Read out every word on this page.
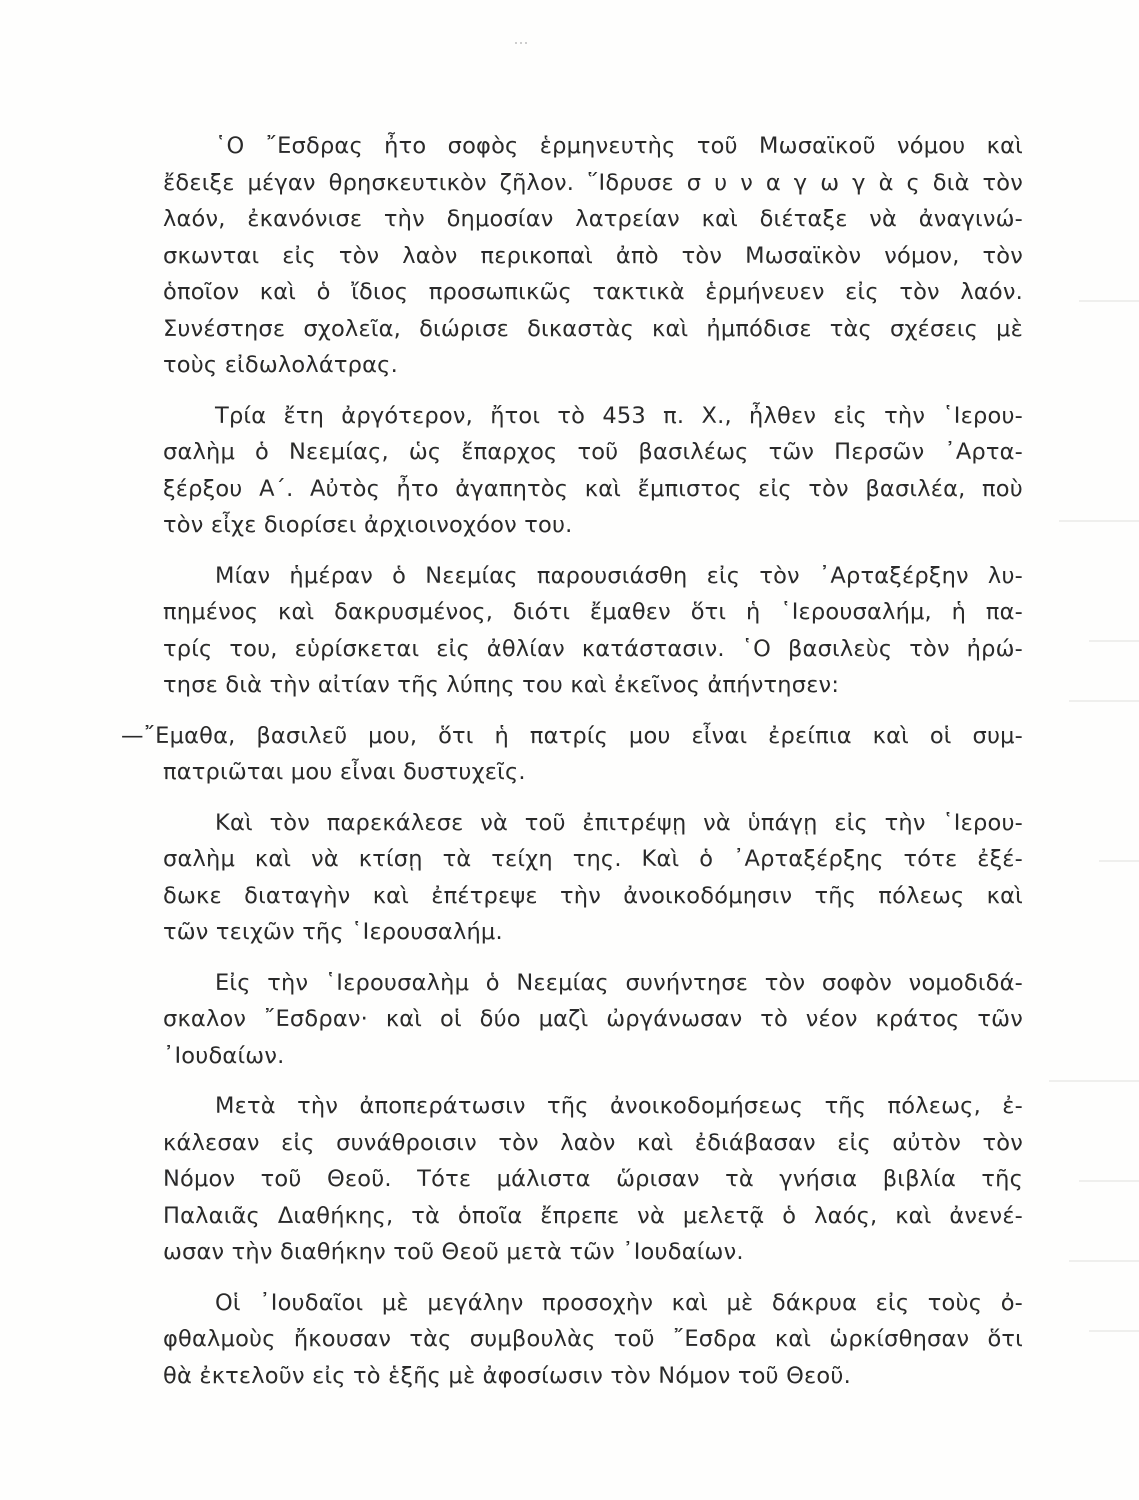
῾Ο ῎Εσδρας ἦτο σοφὸς ἑρμηνευτὴς τοῦ Μωσαϊκοῦ νόμου καὶ
ἔδειξε μέγαν θρησκευτικὸν ζῆλον. ῞Ιδρυσε σ υ ν α γ ω γ ὰ ς διὰ τὸν
λαόν, ἐκανόνισε τὴν δημοσίαν λατρείαν καὶ διέταξε νὰ ἀναγινώ-
σκωνται εἰς τὸν λαὸν περικοπαὶ ἀπὸ τὸν Μωσαϊκὸν νόμον, τὸν
ὁποῖον καὶ ὁ ἴδιος προσωπικῶς τακτικὰ ἑρμήνευεν εἰς τὸν λαόν.
Συνέστησε σχολεῖα, διώρισε δικαστὰς καὶ ἠμπόδισε τὰς σχέσεις μὲ
τοὺς εἰδωλολάτρας.
Τρία ἔτη ἀργότερον, ἤτοι τὸ 453 π. Χ., ἦλθεν εἰς τὴν ῾Ιερου-
σαλὴμ ὁ Νεεμίας, ὡς ἔπαρχος τοῦ βασιλέως τῶν Περσῶν ᾿Αρτα-
ξέρξου Α΄. Αὐτὸς ἦτο ἀγαπητὸς καὶ ἔμπιστος εἰς τὸν βασιλέα, ποὺ
τὸν εἶχε διορίσει ἀρχιοινοχόον του.
Μίαν ἡμέραν ὁ Νεεμίας παρουσιάσθη εἰς τὸν ᾿Αρταξέρξην λυ-
πημένος καὶ δακρυσμένος, διότι ἔμαθεν ὅτι ἡ ῾Ιερουσαλήμ, ἡ πα-
τρίς του, εὑρίσκεται εἰς ἀθλίαν κατάστασιν. ῾Ο βασιλεὺς τὸν ἠρώ-
τησε διὰ τὴν αἰτίαν τῆς λύπης του καὶ ἐκεῖνος ἀπήντησεν:
—῎Εμαθα, βασιλεῦ μου, ὅτι ἡ πατρίς μου εἶναι ἐρείπια καὶ οἱ συμ-
πατριῶται μου εἶναι δυστυχεῖς.
Καὶ τὸν παρεκάλεσε νὰ τοῦ ἐπιτρέψῃ νὰ ὑπάγῃ εἰς τὴν ῾Ιερου-
σαλὴμ καὶ νὰ κτίσῃ τὰ τείχη της. Καὶ ὁ ᾿Αρταξέρξης τότε ἐξέ-
δωκε διαταγὴν καὶ ἐπέτρεψε τὴν ἀνοικοδόμησιν τῆς πόλεως καὶ
τῶν τειχῶν τῆς ῾Ιερουσαλήμ.
Εἰς τὴν ῾Ιερουσαλὴμ ὁ Νεεμίας συνήντησε τὸν σοφὸν νομοδιδά-
σκαλον ῎Εσδραν· καὶ οἱ δύο μαζὶ ὠργάνωσαν τὸ νέον κράτος τῶν
᾿Ιουδαίων.
Μετὰ τὴν ἀποπεράτωσιν τῆς ἀνοικοδομήσεως τῆς πόλεως, ἐ-
κάλεσαν εἰς συνάθροισιν τὸν λαὸν καὶ ἐδιάβασαν εἰς αὐτὸν τὸν
Νόμον τοῦ Θεοῦ. Τότε μάλιστα ὥρισαν τὰ γνήσια βιβλία τῆς
Παλαιᾶς Διαθήκης, τὰ ὁποῖα ἔπρεπε νὰ μελετᾷ ὁ λαός, καὶ ἀνενέ-
ωσαν τὴν διαθήκην τοῦ Θεοῦ μετὰ τῶν ᾿Ιουδαίων.
Οἱ ᾿Ιουδαῖοι μὲ μεγάλην προσοχὴν καὶ μὲ δάκρυα εἰς τοὺς ὀ-
φθαλμοὺς ἤκουσαν τὰς συμβουλὰς τοῦ ῎Εσδρα καὶ ὡρκίσθησαν ὅτι
θὰ ἐκτελοῦν εἰς τὸ ἑξῆς μὲ ἀφοσίωσιν τὸν Νόμον τοῦ Θεοῦ.
